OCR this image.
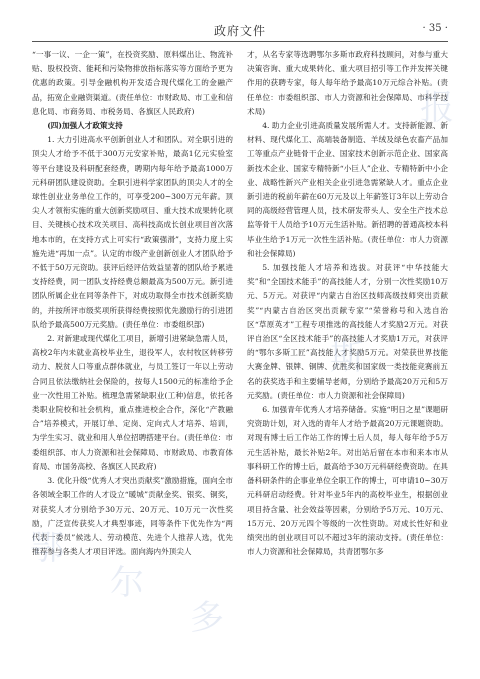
政府文件	· 35 ·

“一事一议、一企一策”，在投资奖励、原料煤出让、物流补贴、股权投资、能耗和污染物排放指标落实等方面给予更为优惠的政策。引导金融机构开发适合现代煤化工的金融产品，拓宽企业融资渠道。(责任单位：市财政局、市工业和信息化局、市商务局、市税务局、各旗区人民政府)

(四)加强人才政策支持

1. 大力引进高水平创新创业人才和团队。对全职引进的顶尖人才给予不低于300万元安家补贴，最高1亿元实验室等平台建设及科研配套经费，聘期内每年给予最高1000万元科研团队建设资助。全职引进科学家团队的顶尖人才的全球性创业业务单位工作的，可享受200~300万元年薪。顶尖人才领衔实施的重大创新奖励项目、重大技术成果转化项目、关键核心技术攻关项目、高科技高成长创业项目首次落地本市的，在支持方式上可实行“政策强滑”，支持力度上实施先进“再加一点”。认定的市级产业创新创业人才团队给予不低于50万元资助。获评后经评估效益显著的团队给予累进支持经费，同一团队支持经费总额最高为500万元。新引进团队所属企业在同等条件下，对成功取得全市技术创新奖励的，并按所评市级奖项所获得经费按照优先激励行的引进团队给予最高500万元奖励。(责任单位：市委组织部)

2. 对新建或现代煤化工项目，新增引进紧缺急需人员，高校2年内未就业高校毕业生，退役军人，农村牧区转移劳动力、脱贫人口等重点群体就业，与员工签订一年以上劳动合同且依法缴纳社会保险的，按每人1500元的标准给予企业一次性用工补贴。梳理急需紧缺职业(工种)信息，依托各类职业院校和社会机构，重点推进校企合作，深化“产教融合”培养模式，开展订单、定岗、定向式人才培养、培训，为学生实习、就业和用人单位招聘搭建平台。(责任单位：市委组织部、市人力资源和社会保障局、市财政局、市教育体育局、市国务高校、各旗区人民政府)

3. 优化升级“优秀人才突出贡献奖”激励措施，面向全市各领域全职工作的人才设立“暖城”贡献金奖、银奖、铜奖，对获奖人才分别给予30万元、20万元、10万元一次性奖励，广泛宣传获奖人才典型事迹，同等条件下优先作为“两代表一委员”候选人、劳动模范、先进个人推荐人选，优先推荐参与各类人才项目评选。面向海内外顶尖人

才，从名专家等选聘鄂尔多斯市政府科技顾问，对参与重大决策咨询、重大成果转化、重大项目招引等工作并发挥关键作用的获聘专家，每人每年给予最高10万元综合补贴。(责任单位：市委组织部、市人力资源和社会保障局、市科学技术局)

4. 助力企业引进高质量发展所需人才。支持新能源、新材料、现代煤化工、高端装备制造、羊绒及绿色农畜产品加工等重点产业链骨干企业、国家技术创新示范企业、国家高新技术企业、国家专精特新“小巨人”企业、专精特新中小企业、战略性新兴产业相关企业引进急需紧缺人才。重点企业新引进的税前年薪在60万元及以上年薪签订3年以上劳动合同的高级经营管理人员，技术研发带头人、安全生产技术总监等骨干人员给予10万元生活补贴。新招聘的普通高校本科毕业生给予1万元一次性生活补贴。(责任单位：市人力资源和社会保障局)

5. 加强技能人才培养和选拔。对获评“中华技能大奖”和“全国技术能手”的高技能人才，分别一次性奖励10万元、5万元。对获评“内蒙古自治区技师高级技师突出贡献奖”“内蒙古自治区突出贡献专家”“荣誉称号和入选自治区“草原英才”工程专项推选的高技能人才奖励2万元。对获评自治区“全区技术能手”的高技能人才奖励1万元，对获评的“鄂尔多斯工匠”高技能人才奖励5万元。对荣获世界技能大赛金牌、银牌、铜牌、优胜奖和国家级一类技能竞赛前五名的获奖选手和主要辅导老师，分别给予最高20万元和5万元奖励。(责任单位：市人力资源和社会保障局)

6. 加强青年优秀人才培养储备。实施“明日之星”课题研究资助计划，对入选的青年人才给予最高20万元课题资助。对现有博士后工作站工作的博士后人员，每人每年给予5万元生活补贴，最长补贴2年。对出站后留在本市和来本市从事科研工作的博士后，最高给予30万元科研经费资助。在具备科研条件的企事业单位全职工作的博士，可申请10~30万元科研启动经费。针对毕业5年内的高校毕业生，根据创业项目持含量、社会效益等因素，分别给予5万元、10万元、15万元、20万元四个等级的一次性资助。对成长性好和业绩突出的创业项目可以不超过3年的滚动支持。(责任单位：市人力资源和社会保障局，共青团鄂尔多

鄂
尔
多
斯
报
